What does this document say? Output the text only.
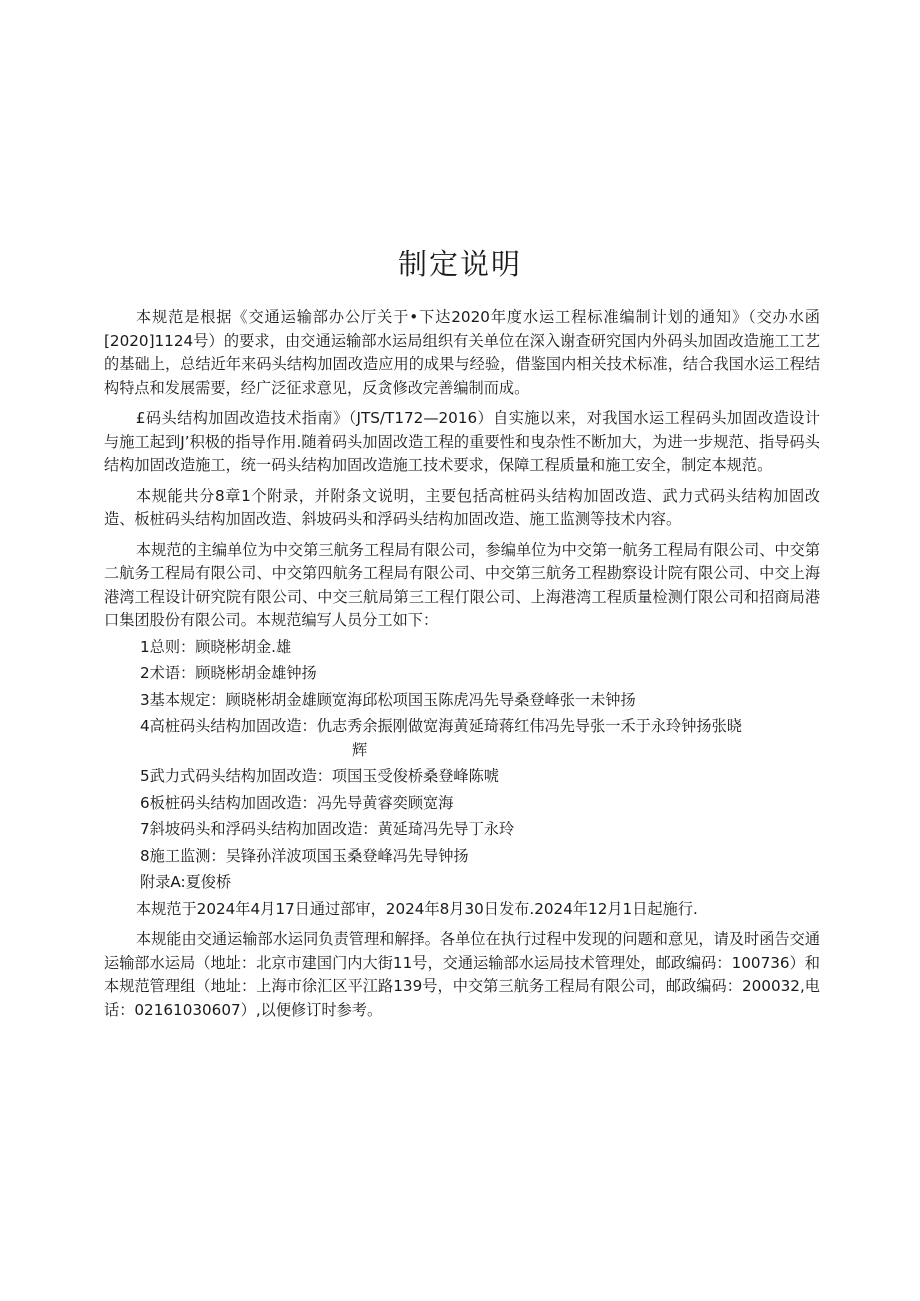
制定说明

本规范是根据《交通运输部办公厅关于•下达2020年度水运工程标准编制计划的通知》（交办水函[2020]1124号）的要求，由交通运输部水运局组织有关单位在深入谢查研究国内外码头加固改造施工工艺的基础上，总结近年来码头结构加固改造应用的成果与经验，借鉴国内相关技术标准，结合我国水运工程结构特点和发展需要，经广泛征求意见，反贪修改完善编制而成。

£码头结构加固改造技术指南》（JTS/T172—2016）自实施以来，对我国水运工程码头加固改造设计与施工起到J’积极的指导作用.随着码头加固改造工程的重要性和曳杂性不断加大，为进一步规范、指导码头结构加固改造施工，统一码头结构加固改造施工技术要求，保障工程质量和施工安全，制定本规范。

本规能共分8章1个附录，并附条文说明，主要包括高桩码头结构加固改造、武力式码头结构加固改造、板桩码头结构加固改造、斜坡码头和浮码头结构加固改造、施工监测等技术内容。

本规范的主编单位为中交第三航务工程局有限公司，参编单位为中交第一航务工程局有限公司、中交第二航务工程局有限公司、中交第四航务工程局有限公司、中交第三航务工程勘察设计院有限公司、中交上海港湾工程设计研究院有限公司、中交三航局第三工程仃限公司、上海港湾工程质量检测仃限公司和招商局港口集团股份有限公司。本规范编写人员分工如下：

1总则：顾晓彬胡金.雄
2术语：顾晓彬胡金雄钟扬
3基本规定：顾晓彬胡金雄顾宽海邱松项国玉陈虎冯先导桑登峰张一未钟扬
4高桩码头结构加固改造：仇志秀余振刚做宽海黄延琦蒋红伟冯先导张一禾于永玲钟扬张晓
辉
5武力式码头结构加固改造：项国玉受俊桥桑登峰陈唬
6板桩码头结构加固改造：冯先导黄睿奕顾宽海
7斜坡码头和浮码头结构加固改造：黄延琦冯先导丁永玲
8施工监测：吴锋孙洋波项国玉桑登峰冯先导钟扬
附录A:夏俊桥

本规范于2024年4月17日通过部审，2024年8月30日发布.2024年12月1日起施行.

本规能由交通运输部水运同负责管理和解择。各单位在执行过程中发现的问题和意见，请及时函告交通运输部水运局（地址：北京市建国门内大街11号，交通运输部水运局技术管理处，邮政编码：100736）和本规范管理组（地址：上海市徐汇区平江路139号，中交第三航务工程局有限公司，邮政编码：200032,电话：02161030607）,以便修订时参考。
